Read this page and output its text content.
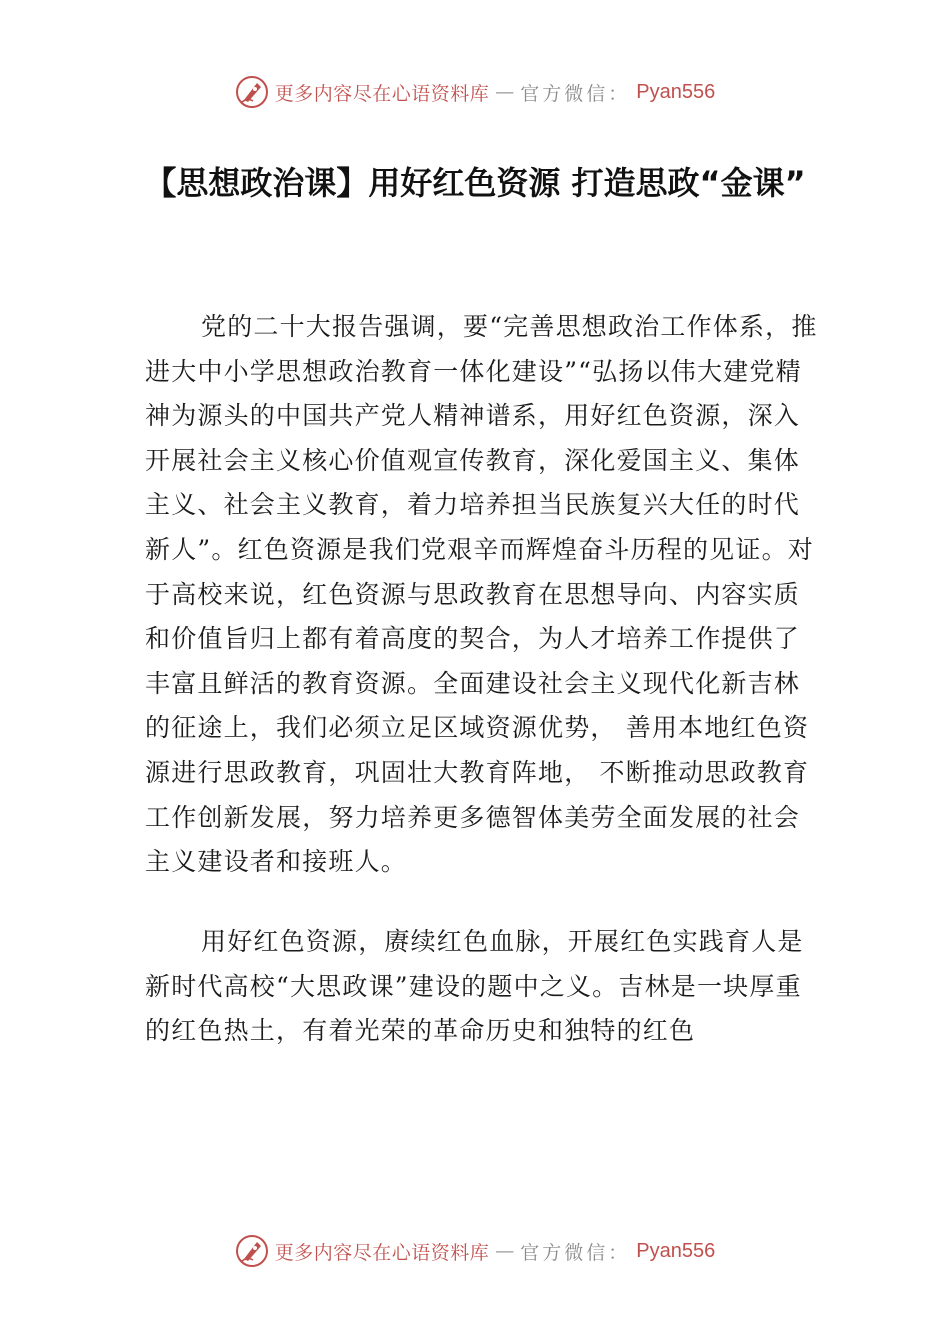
更多内容尽在心语资料库 — 官方微信： Pyan556
【思想政治课】用好红色资源 打造思政“金课”

党的二十大报告强调，要“完善思想政治工作体系，推进大中小学思想政治教育一体化建设”“弘扬以伟大建党精神为源头的中国共产党人精神谱系，用好红色资源，深入开展社会主义核心价值观宣传教育，深化爱国主义、集体主义、社会主义教育，着力培养担当民族复兴大任的时代新人”。红色资源是我们党艰辛而辉煌奋斗历程的见证。对于高校来说，红色资源与思政教育在思想导向、内容实质和价值旨归上都有着高度的契合，为人才培养工作提供了丰富且鲜活的教育资源。全面建设社会主义现代化新吉林的征途上，我们必须立足区域资源优势， 善用本地红色资源进行思政教育，巩固壮大教育阵地， 不断推动思政教育工作创新发展，努力培养更多德智体美劳全面发展的社会主义建设者和接班人。

用好红色资源，赓续红色血脉，开展红色实践育人是新时代高校“大思政课”建设的题中之义。吉林是一块厚重的红色热土，有着光荣的革命历史和独特的红色

更多内容尽在心语资料库 — 官方微信： Pyan556
